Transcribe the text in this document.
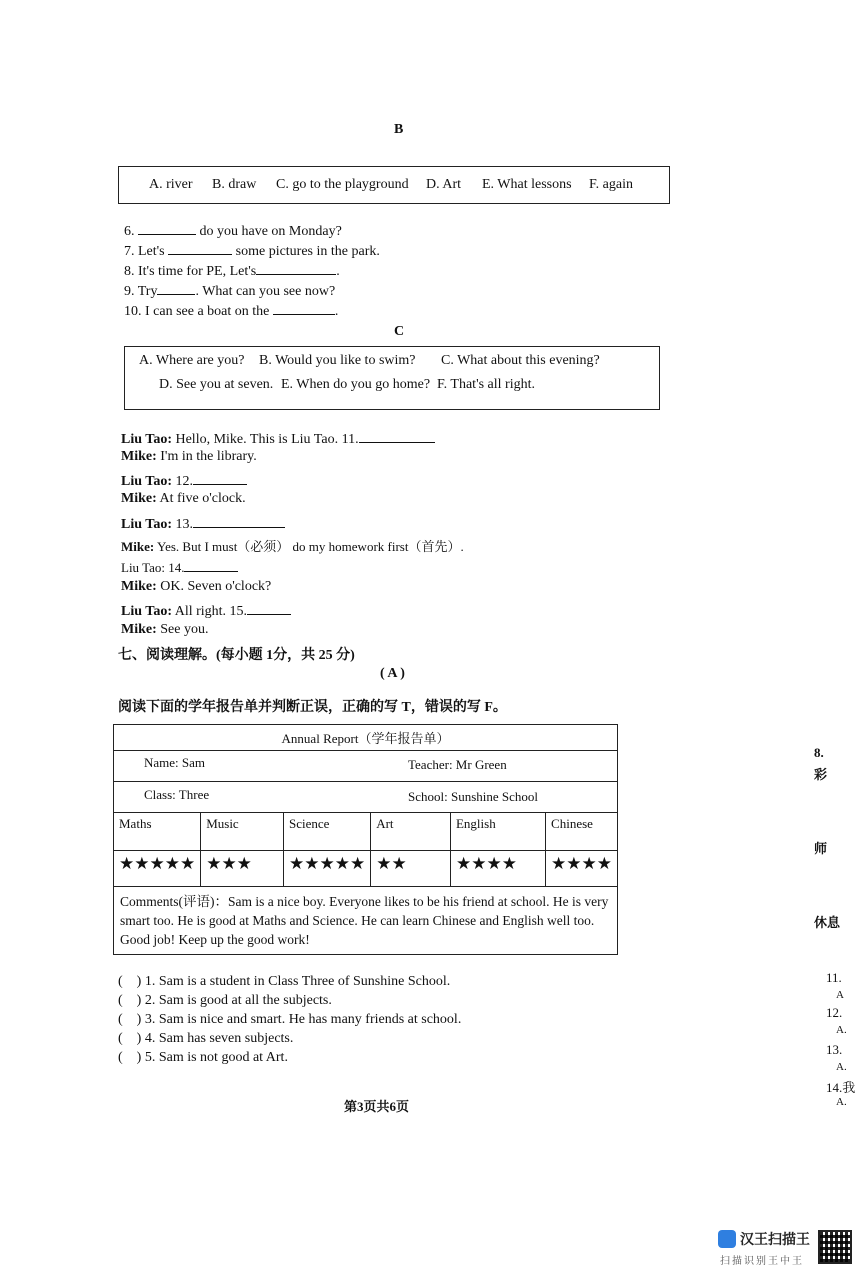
B
A. river B. draw C. go to the playground D. Art E. What lessons F. again
6.	do you have on Monday?
7. Let's	some pictures in the park.
8. It's time for PE, Let's	.
9. Try	. What can you see now?
10. I can see a boat on the	.
C
A. Where are you? B. Would you like to swim? C. What about this evening?
D. See you at seven. E. When do you go home? F. That's all right.
Liu Tao: Hello, Mike. This is Liu Tao. 11.
Mike: I'm in the library.
Liu Tao: 12.
Mike: At five o'clock.
Liu Tao: 13.
Mike: Yes. But I must（必须） do my homework first（首先）.
Liu Tao: 14.
Mike: OK. Seven o'clock?
Liu Tao: All right. 15.
Mike: See you.
七、阅读理解。(每小题 1分，共 25 分)
( A )
阅读下面的学年报告单并判断正误，正确的写 T，错误的写 F。
Annual Report（学年报告单）					

Name: Sam Teacher: Mr Green					

Class: Three School: Sunshine School					

Maths	Music	Science	Art	English	Chinese
★★★★★	★★★	★★★★★	★★	★★★★	★★★★
Comments(评语)：Sam is a nice boy. Everyone likes to be his friend at school. He is very smart too. He is good at Maths and Science. He can learn Chinese and English well too. Good job! Keep up the good work!					
(    ) 1. Sam is a student in Class Three of Sunshine School.
(    ) 2. Sam is good at all the subjects.
(    ) 3. Sam is nice and smart. He has many friends at school.
(    ) 4. Sam has seven subjects.
(    ) 5. Sam is not good at Art.
第3页共6页
8.
彩
师
休息
11.
A
12.
A.
13.
A.
14.我
A.
汉王扫描王
扫描识别王中王
